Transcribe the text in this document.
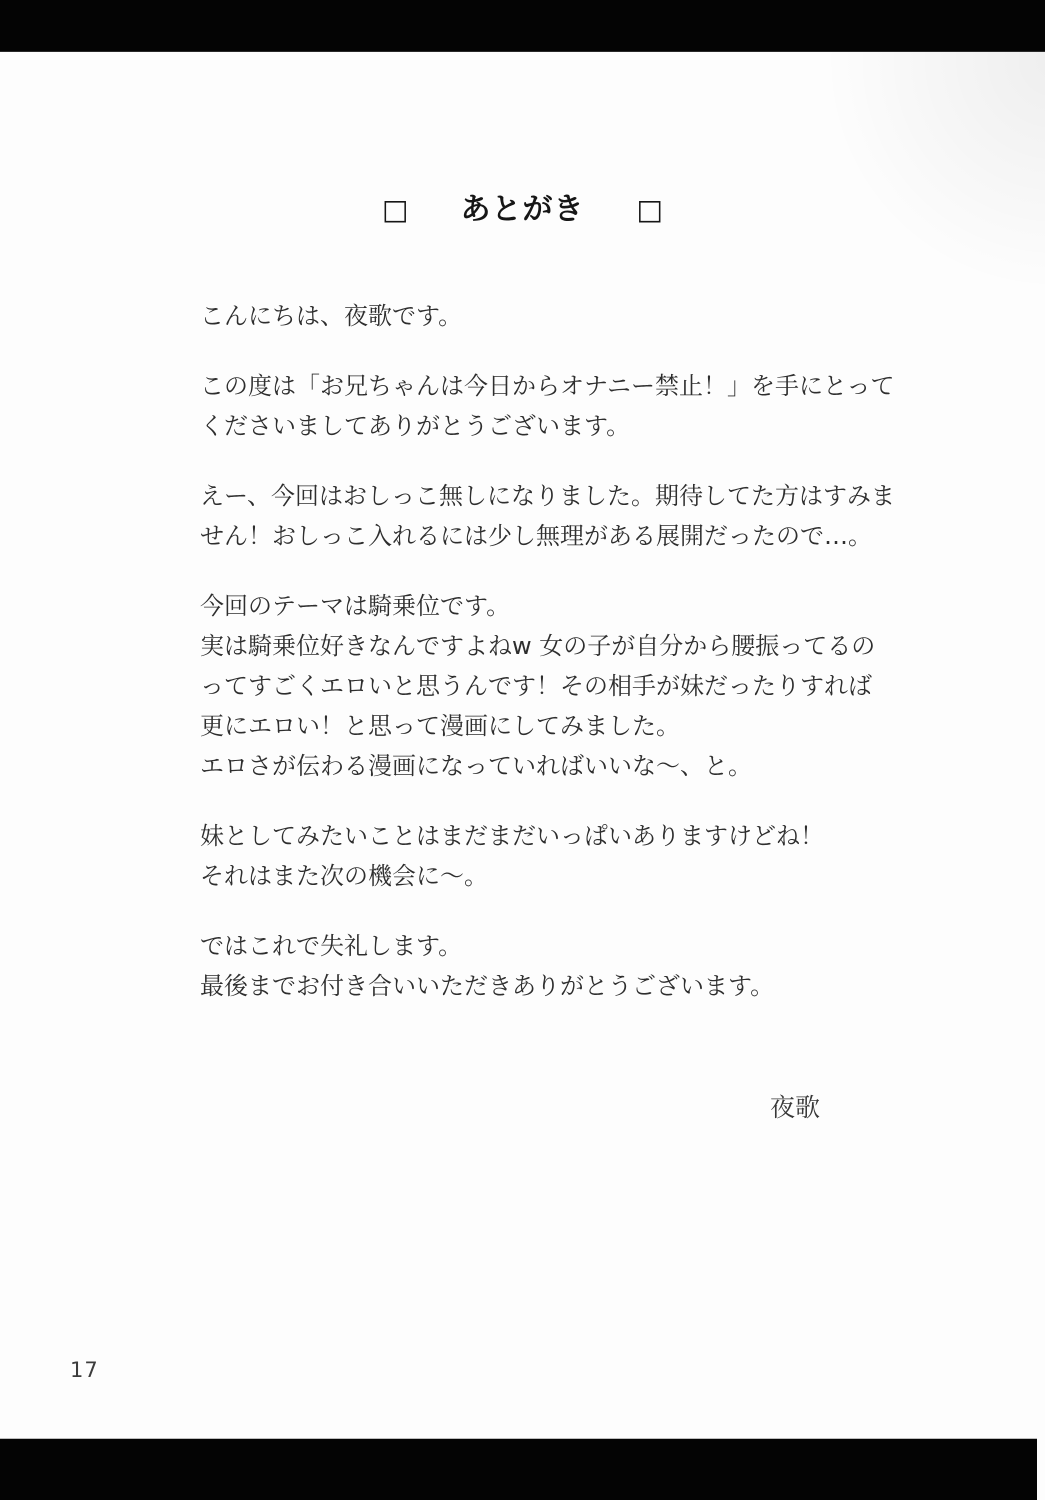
□ あとがき □

こんにちは、夜歌です。

この度は「お兄ちゃんは今日からオナニー禁止！」を手にとって
くださいましてありがとうございます。

えー、今回はおしっこ無しになりました。期待してた方はすみま
せん！おしっこ入れるには少し無理がある展開だったので…。

今回のテーマは騎乗位です。
実は騎乗位好きなんですよねw 女の子が自分から腰振ってるの
ってすごくエロいと思うんです！その相手が妹だったりすれば
更にエロい！と思って漫画にしてみました。
エロさが伝わる漫画になっていればいいな〜、と。

妹としてみたいことはまだまだいっぱいありますけどね！
それはまた次の機会に〜。

ではこれで失礼します。
最後までお付き合いいただきありがとうございます。

夜歌
17
